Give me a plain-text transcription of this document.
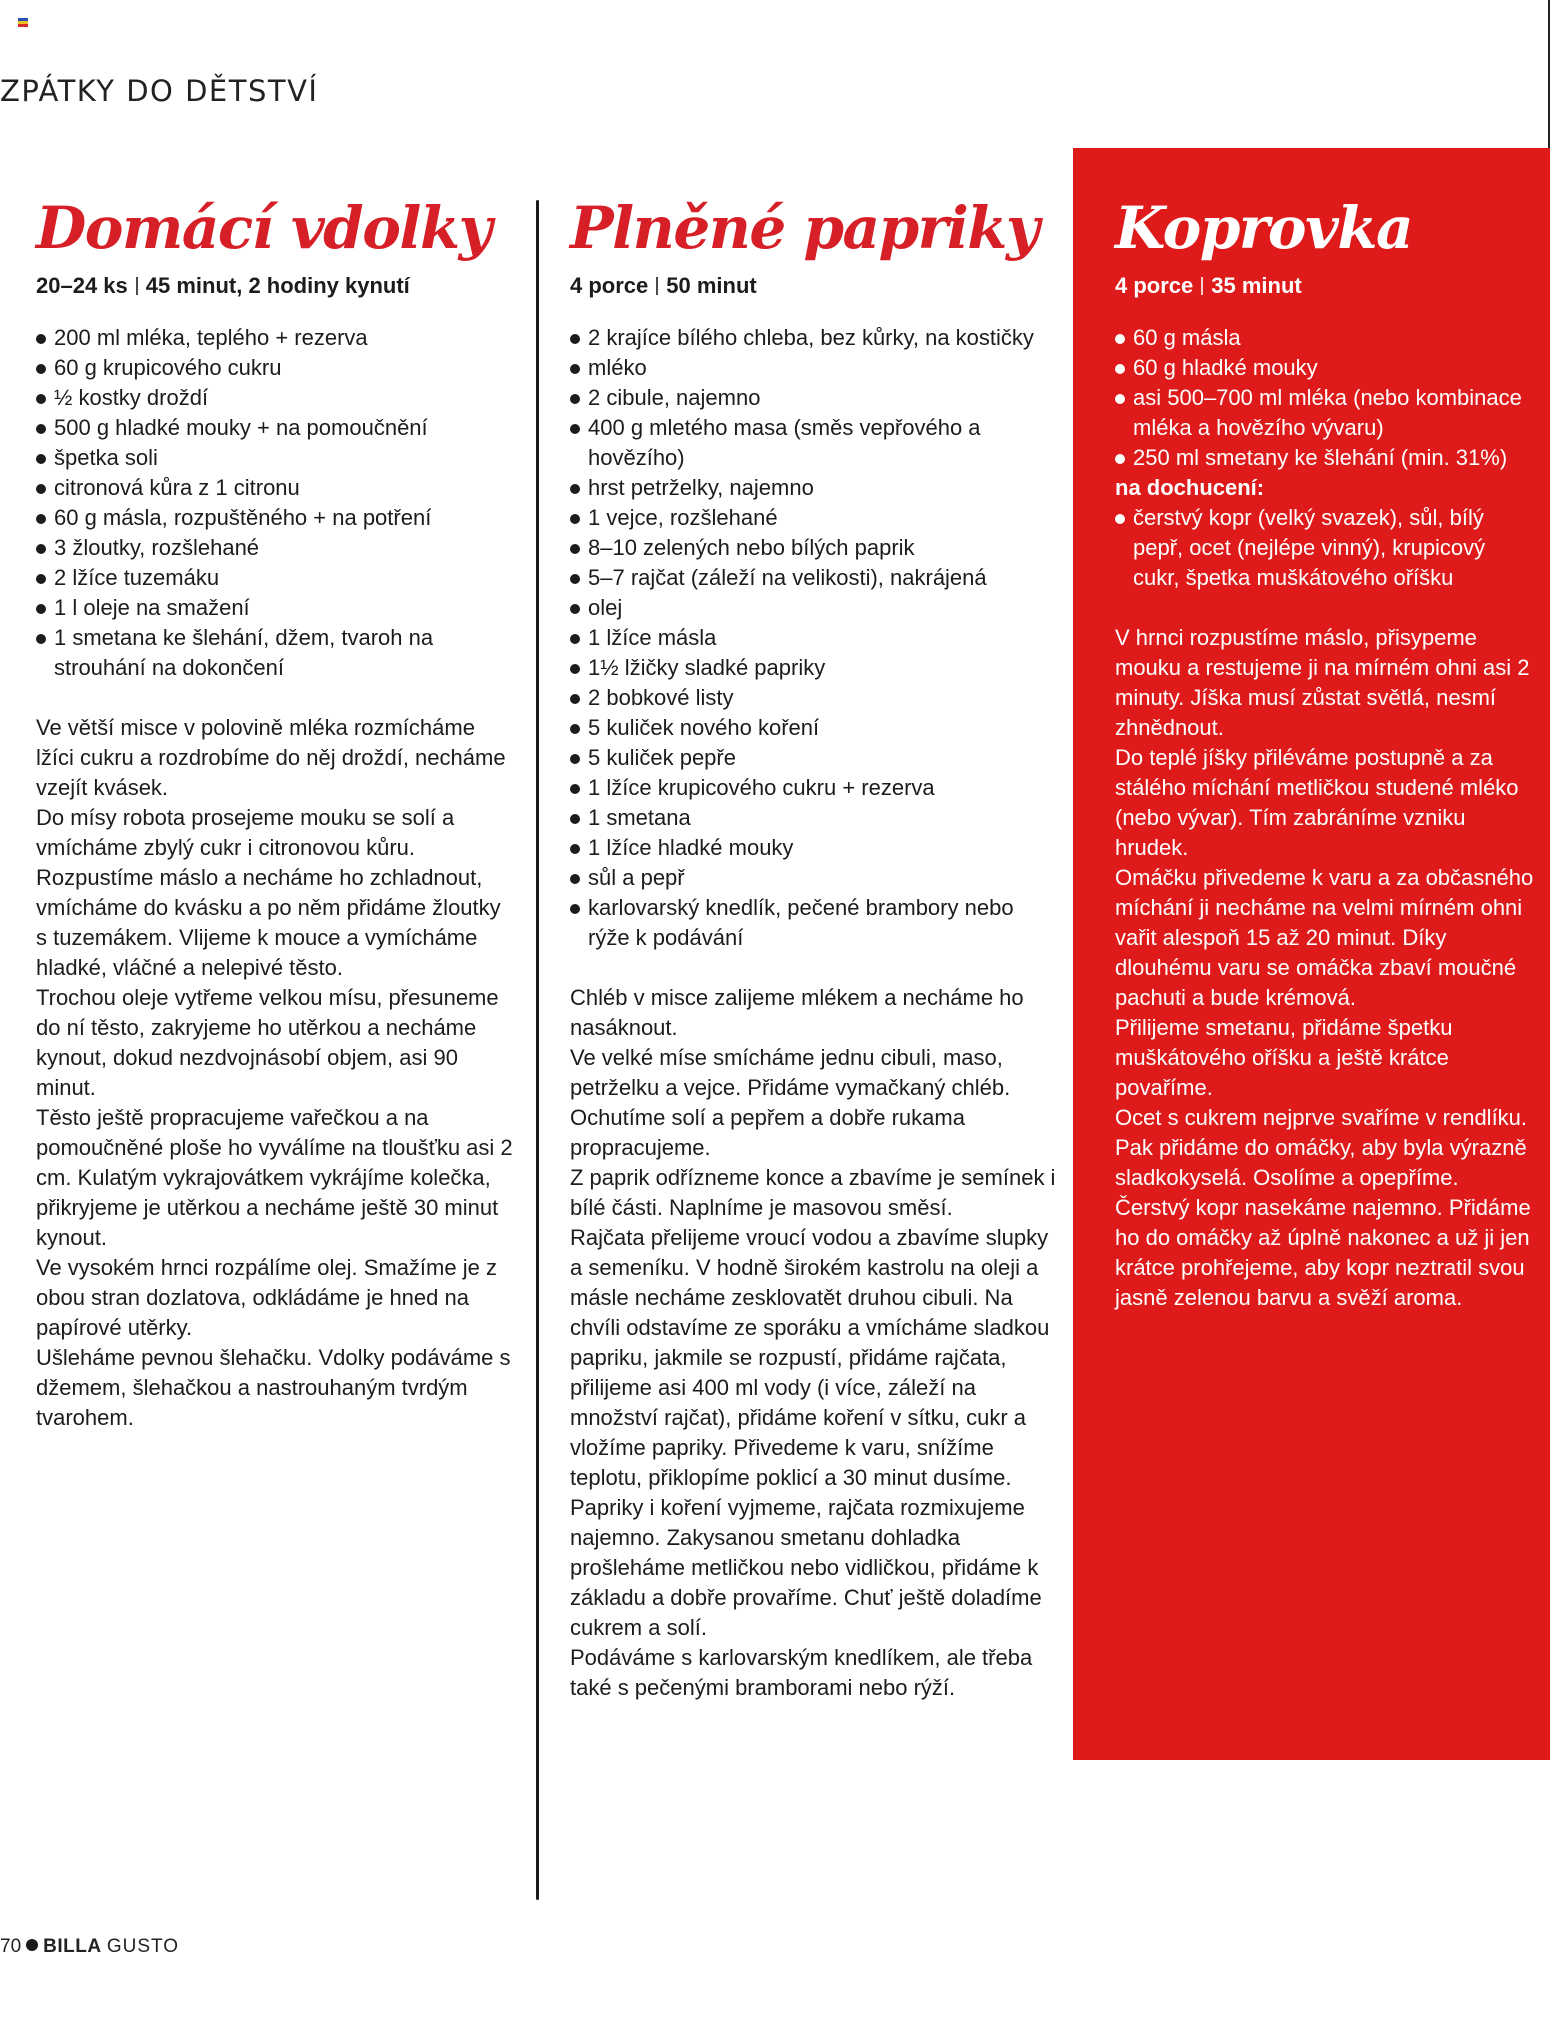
ZPÁTKY DO DĚTSTVÍ
Domácí vdolky
20–24 ks 45 minut, 2 hodiny kynutí
200 ml mléka, teplého + rezerva
60 g krupicového cukru
½ kostky droždí
500 g hladké mouky + na pomoučnění
špetka soli
citronová kůra z 1 citronu
60 g másla, rozpuštěného + na potření
3 žloutky, rozšlehané
2 lžíce tuzemáku
1 l oleje na smažení
1 smetana ke šlehání, džem, tvaroh na strouhání na dokončení

Ve větší misce v polovině mléka rozmícháme lžíci cukru a rozdrobíme do něj droždí, necháme vzejít kvásek.

Do mísy robota prosejeme mouku se solí a vmícháme zbylý cukr i citronovou kůru.

Rozpustíme máslo a necháme ho zchladnout, vmícháme do kvásku a po něm přidáme žloutky s tuzemákem. Vlijeme k mouce a vymícháme hladké, vláčné a nelepivé těsto.

Trochou oleje vytřeme velkou mísu, přesuneme do ní těsto, zakryjeme ho utěrkou a necháme kynout, dokud nezdvojnásobí objem, asi 90 minut.

Těsto ještě propracujeme vařečkou a na pomoučněné ploše ho vyválíme na tloušťku asi 2 cm. Kulatým vykrajovátkem vykrájíme kolečka, přikryjeme je utěrkou a necháme ještě 30 minut kynout.

Ve vysokém hrnci rozpálíme olej. Smažíme je z obou stran dozlatova, odkládáme je hned na papírové utěrky.

Ušleháme pevnou šlehačku. Vdolky podáváme s džemem, šlehačkou a nastrouhaným tvrdým tvarohem.

Plněné papriky
4 porce 50 minut
2 krajíce bílého chleba, bez kůrky, na kostičky
mléko
2 cibule, najemno
400 g mletého masa (směs vepřového a hovězího)
hrst petrželky, najemno
1 vejce, rozšlehané
8–10 zelených nebo bílých paprik
5–7 rajčat (záleží na velikosti), nakrájená
olej
1 lžíce másla
1½ lžičky sladké papriky
2 bobkové listy
5 kuliček nového koření
5 kuliček pepře
1 lžíce krupicového cukru + rezerva
1 smetana
1 lžíce hladké mouky
sůl a pepř
karlovarský knedlík, pečené brambory nebo rýže k podávání

Chléb v misce zalijeme mlékem a necháme ho nasáknout.

Ve velké míse smícháme jednu cibuli, maso, petrželku a vejce. Přidáme vymačkaný chléb. Ochutíme solí a pepřem a dobře rukama propracujeme.

Z paprik odřízneme konce a zbavíme je semínek i bílé části. Naplníme je masovou směsí.

Rajčata přelijeme vroucí vodou a zbavíme slupky a semeníku. V hodně širokém kastrolu na oleji a másle necháme zesklovatět druhou cibuli. Na chvíli odstavíme ze sporáku a vmícháme sladkou papriku, jakmile se rozpustí, přidáme rajčata, přilijeme asi 400 ml vody (i více, záleží na množství rajčat), přidáme koření v sítku, cukr a vložíme papriky. Přivedeme k varu, snížíme teplotu, přiklopíme poklicí a 30 minut dusíme.

Papriky i koření vyjmeme, rajčata rozmixujeme najemno. Zakysanou smetanu dohladka prošleháme metličkou nebo vidličkou, přidáme k základu a dobře provaříme. Chuť ještě doladíme cukrem a solí.

Podáváme s karlovarským knedlíkem, ale třeba také s pečenými bramborami nebo rýží.

Koprovka
4 porce 35 minut
60 g másla
60 g hladké mouky
asi 500–700 ml mléka (nebo kombinace mléka a hovězího vývaru)
250 ml smetany ke šlehání (min. 31%)
na dochucení:
čerstvý kopr (velký svazek), sůl, bílý pepř, ocet (nejlépe vinný), krupicový cukr, špetka muškátového oříšku

V hrnci rozpustíme máslo, přisypeme mouku a restujeme ji na mírném ohni asi 2 minuty. Jíška musí zůstat světlá, nesmí zhnědnout.

Do teplé jíšky přiléváme postupně a za stálého míchání metličkou studené mléko (nebo vývar). Tím zabráníme vzniku hrudek.

Omáčku přivedeme k varu a za občasného míchání ji necháme na velmi mírném ohni vařit alespoň 15 až 20 minut. Díky dlouhému varu se omáčka zbaví moučné pachuti a bude krémová.

Přilijeme smetanu, přidáme špetku muškátového oříšku a ještě krátce povaříme.

Ocet s cukrem nejprve svaříme v rendlíku. Pak přidáme do omáčky, aby byla výrazně sladkokyselá. Osolíme a opepříme.

Čerstvý kopr nasekáme najemno. Přidáme ho do omáčky až úplně nakonec a už ji jen krátce prohřejeme, aby kopr neztratil svou jasně zelenou barvu a svěží aroma.

70 BILLA GUSTO
